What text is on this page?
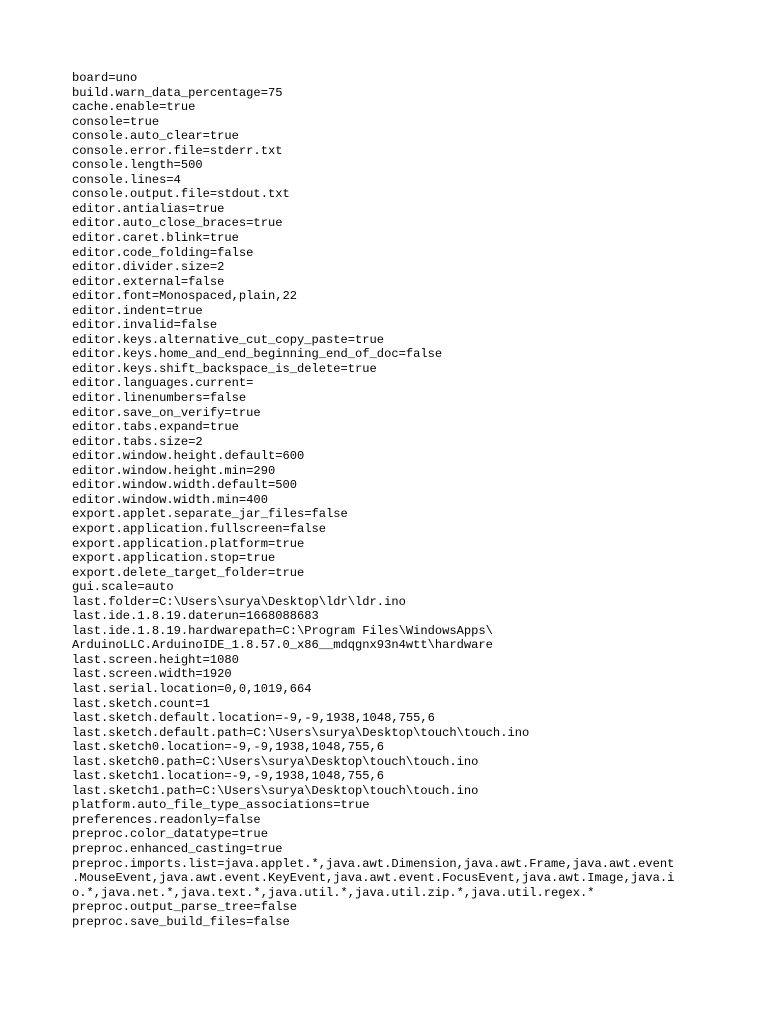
board=uno
build.warn_data_percentage=75
cache.enable=true
console=true
console.auto_clear=true
console.error.file=stderr.txt
console.length=500
console.lines=4
console.output.file=stdout.txt
editor.antialias=true
editor.auto_close_braces=true
editor.caret.blink=true
editor.code_folding=false
editor.divider.size=2
editor.external=false
editor.font=Monospaced,plain,22
editor.indent=true
editor.invalid=false
editor.keys.alternative_cut_copy_paste=true
editor.keys.home_and_end_beginning_end_of_doc=false
editor.keys.shift_backspace_is_delete=true
editor.languages.current=
editor.linenumbers=false
editor.save_on_verify=true
editor.tabs.expand=true
editor.tabs.size=2
editor.window.height.default=600
editor.window.height.min=290
editor.window.width.default=500
editor.window.width.min=400
export.applet.separate_jar_files=false
export.application.fullscreen=false
export.application.platform=true
export.application.stop=true
export.delete_target_folder=true
gui.scale=auto
last.folder=C:\Users\surya\Desktop\ldr\ldr.ino
last.ide.1.8.19.daterun=1668088683
last.ide.1.8.19.hardwarepath=C:\Program Files\WindowsApps\
ArduinoLLC.ArduinoIDE_1.8.57.0_x86__mdqgnx93n4wtt\hardware
last.screen.height=1080
last.screen.width=1920
last.serial.location=0,0,1019,664
last.sketch.count=1
last.sketch.default.location=-9,-9,1938,1048,755,6
last.sketch.default.path=C:\Users\surya\Desktop\touch\touch.ino
last.sketch0.location=-9,-9,1938,1048,755,6
last.sketch0.path=C:\Users\surya\Desktop\touch\touch.ino
last.sketch1.location=-9,-9,1938,1048,755,6
last.sketch1.path=C:\Users\surya\Desktop\touch\touch.ino
platform.auto_file_type_associations=true
preferences.readonly=false
preproc.color_datatype=true
preproc.enhanced_casting=true
preproc.imports.list=java.applet.*,java.awt.Dimension,java.awt.Frame,java.awt.event
.MouseEvent,java.awt.event.KeyEvent,java.awt.event.FocusEvent,java.awt.Image,java.i
o.*,java.net.*,java.text.*,java.util.*,java.util.zip.*,java.util.regex.*
preproc.output_parse_tree=false
preproc.save_build_files=false
